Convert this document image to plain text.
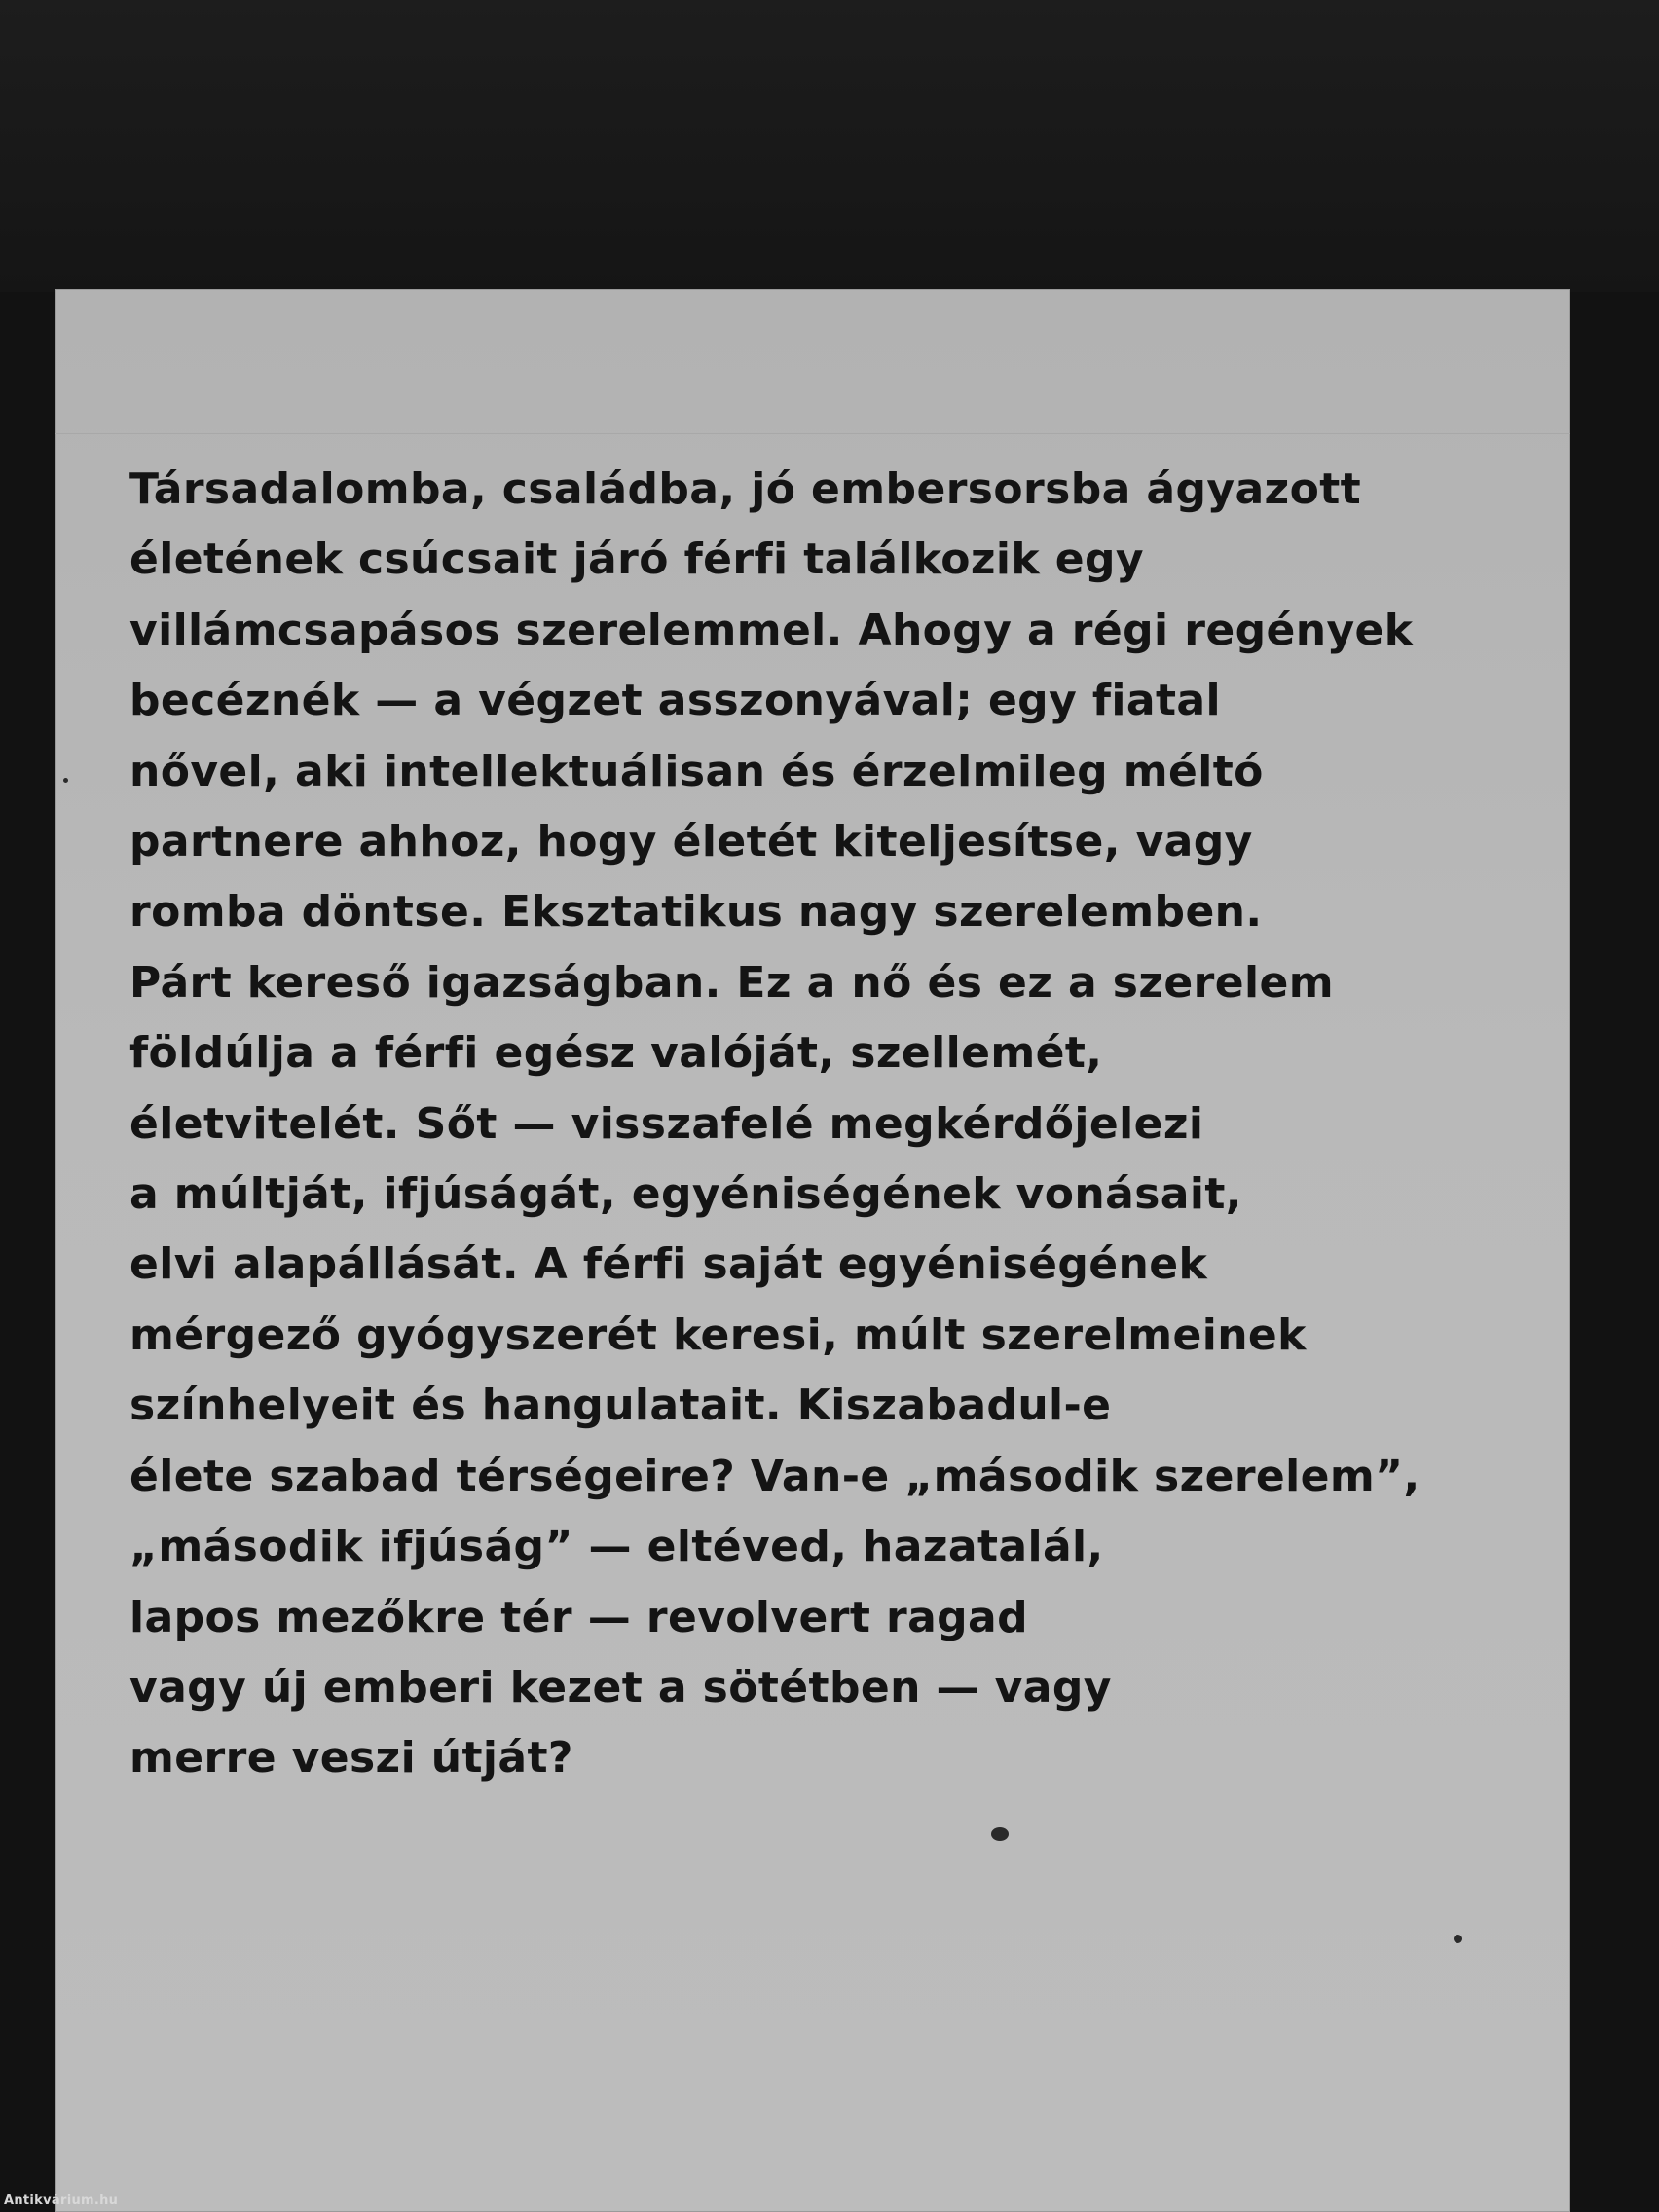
Társadalomba, családba, jó embersorsba ágyazott
életének csúcsait járó férfi találkozik egy
villámcsapásos szerelemmel. Ahogy a régi regények
becéznék — a végzet asszonyával; egy fiatal
nővel, aki intellektuálisan és érzelmileg méltó
partnere ahhoz, hogy életét kiteljesítse, vagy
romba döntse. Eksztatikus nagy szerelemben.
Párt kereső igazságban. Ez a nő és ez a szerelem
földúlja a férfi egész valóját, szellemét,
életvitelét. Sőt — visszafelé megkérdőjelezi
a múltját, ifjúságát, egyéniségének vonásait,
elvi alapállását. A férfi saját egyéniségének
mérgező gyógyszerét keresi, múlt szerelmeinek
színhelyeit és hangulatait. Kiszabadul-e
élete szabad térségeire? Van-e „második szerelem”,
„második ifjúság” — eltéved, hazatalál,
lapos mezőkre tér — revolvert ragad
vagy új emberi kezet a sötétben — vagy
merre veszi útját?
Antikvárium.hu
